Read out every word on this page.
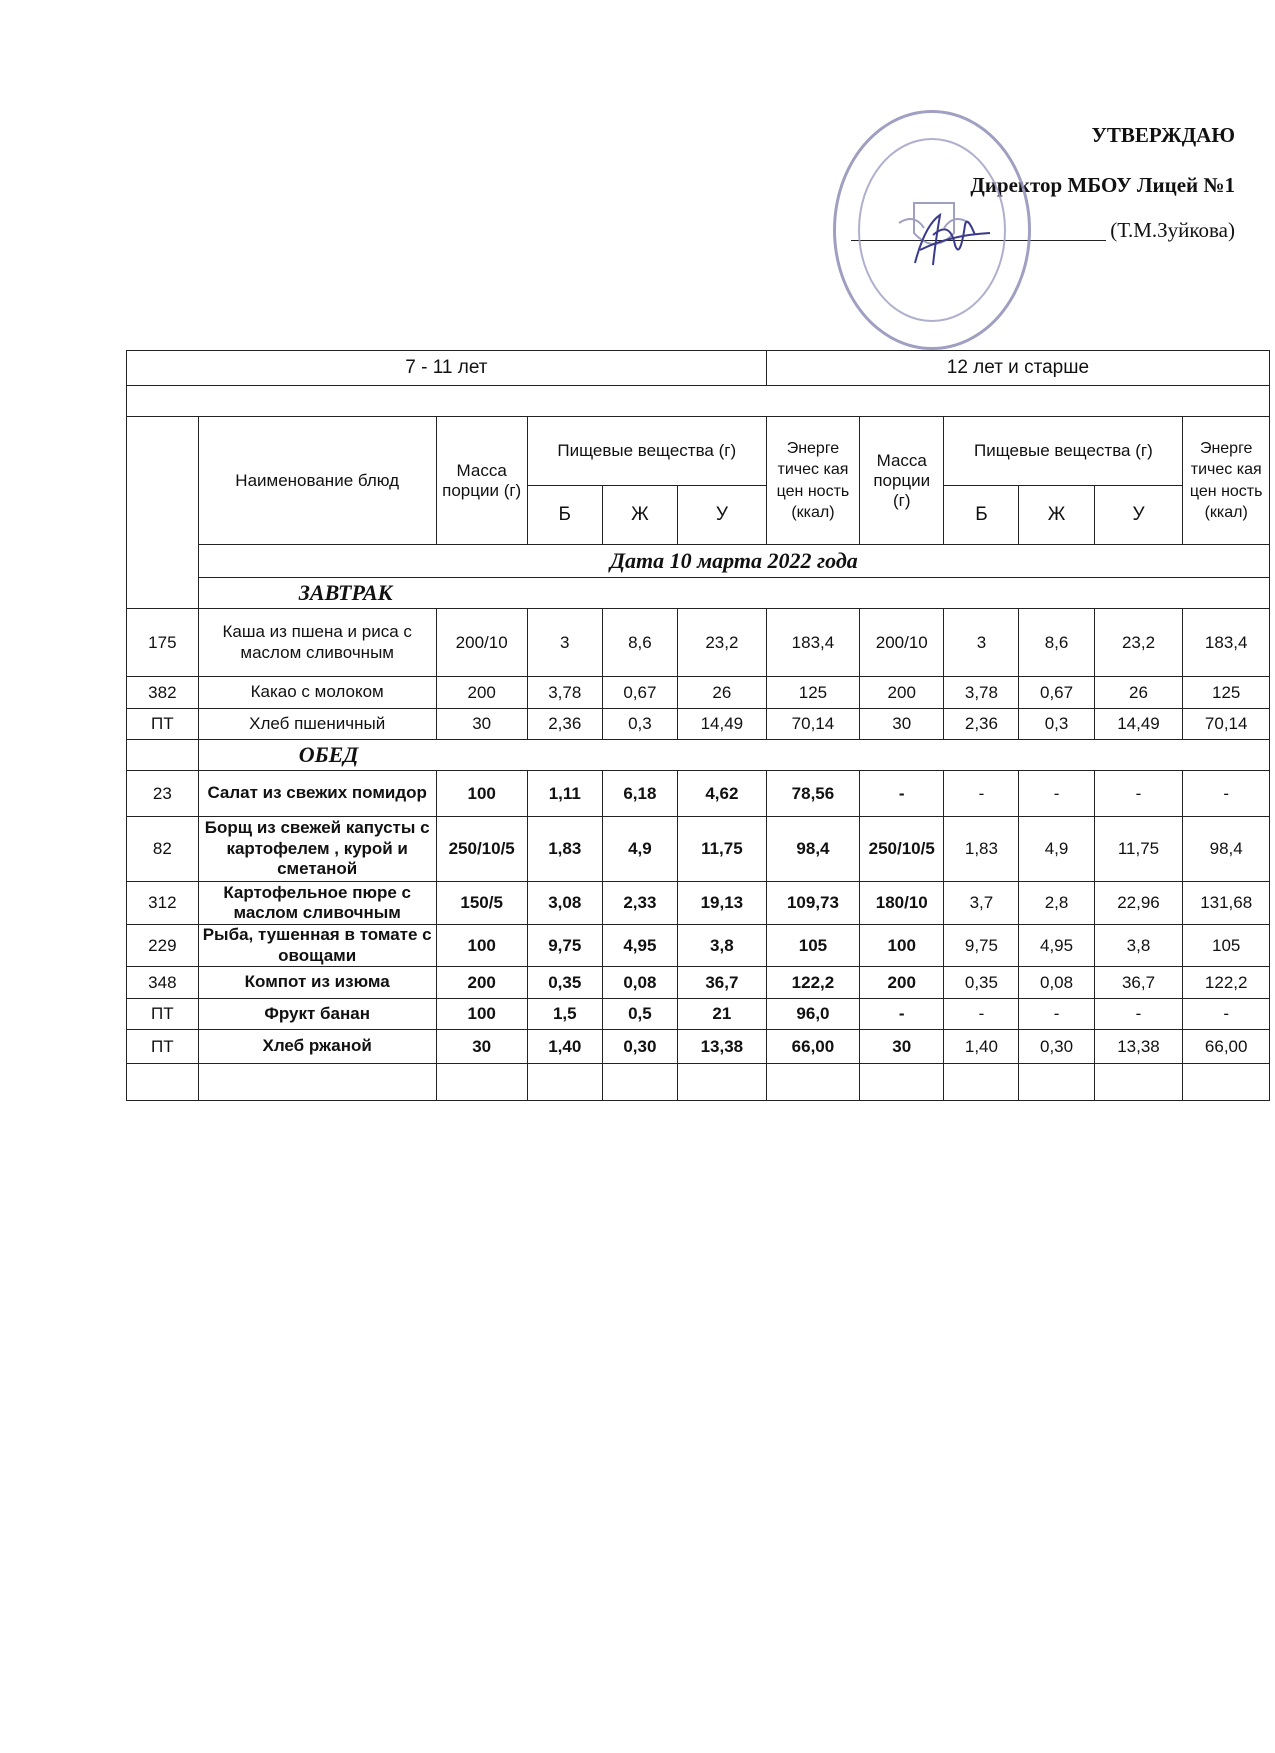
УТВЕРЖДАЮ
Директор МБОУ Лицей №1
(Т.М.Зуйкова)
7 - 11 лет						12 лет и старше					

	Наименование блюд	Масса порции (г)	Пищевые вещества (г)			Энерге тичес кая цен ность (ккал)	Масса порции (г)	Пищевые вещества (г)			Энерге тичес кая цен ность (ккал)
			Б	Ж	У			Б	Ж	У	
	Дата 10 марта 2022 года										
	ЗАВТРАК										
175	Каша из пшена и риса с маслом сливочным	200/10	3	8,6	23,2	183,4	200/10	3	8,6	23,2	183,4
382	Какао с молоком	200	3,78	0,67	26	125	200	3,78	0,67	26	125
ПТ	Хлеб пшеничный	30	2,36	0,3	14,49	70,14	30	2,36	0,3	14,49	70,14
	ОБЕД										
23	Салат из свежих помидор	100	1,11	6,18	4,62	78,56	-	-	-	-	-
82	Борщ из свежей капусты с картофелем , курой и сметаной	250/10/5	1,83	4,9	11,75	98,4	250/10/5	1,83	4,9	11,75	98,4
312	Картофельное пюре с маслом сливочным	150/5	3,08	2,33	19,13	109,73	180/10	3,7	2,8	22,96	131,68
229	Рыба, тушенная в томате с овощами	100	9,75	4,95	3,8	105	100	9,75	4,95	3,8	105
348	Компот из изюма	200	0,35	0,08	36,7	122,2	200	0,35	0,08	36,7	122,2
ПТ	Фрукт банан	100	1,5	0,5	21	96,0	-	-	-	-	-
ПТ	Хлеб ржаной	30	1,40	0,30	13,38	66,00	30	1,40	0,30	13,38	66,00
